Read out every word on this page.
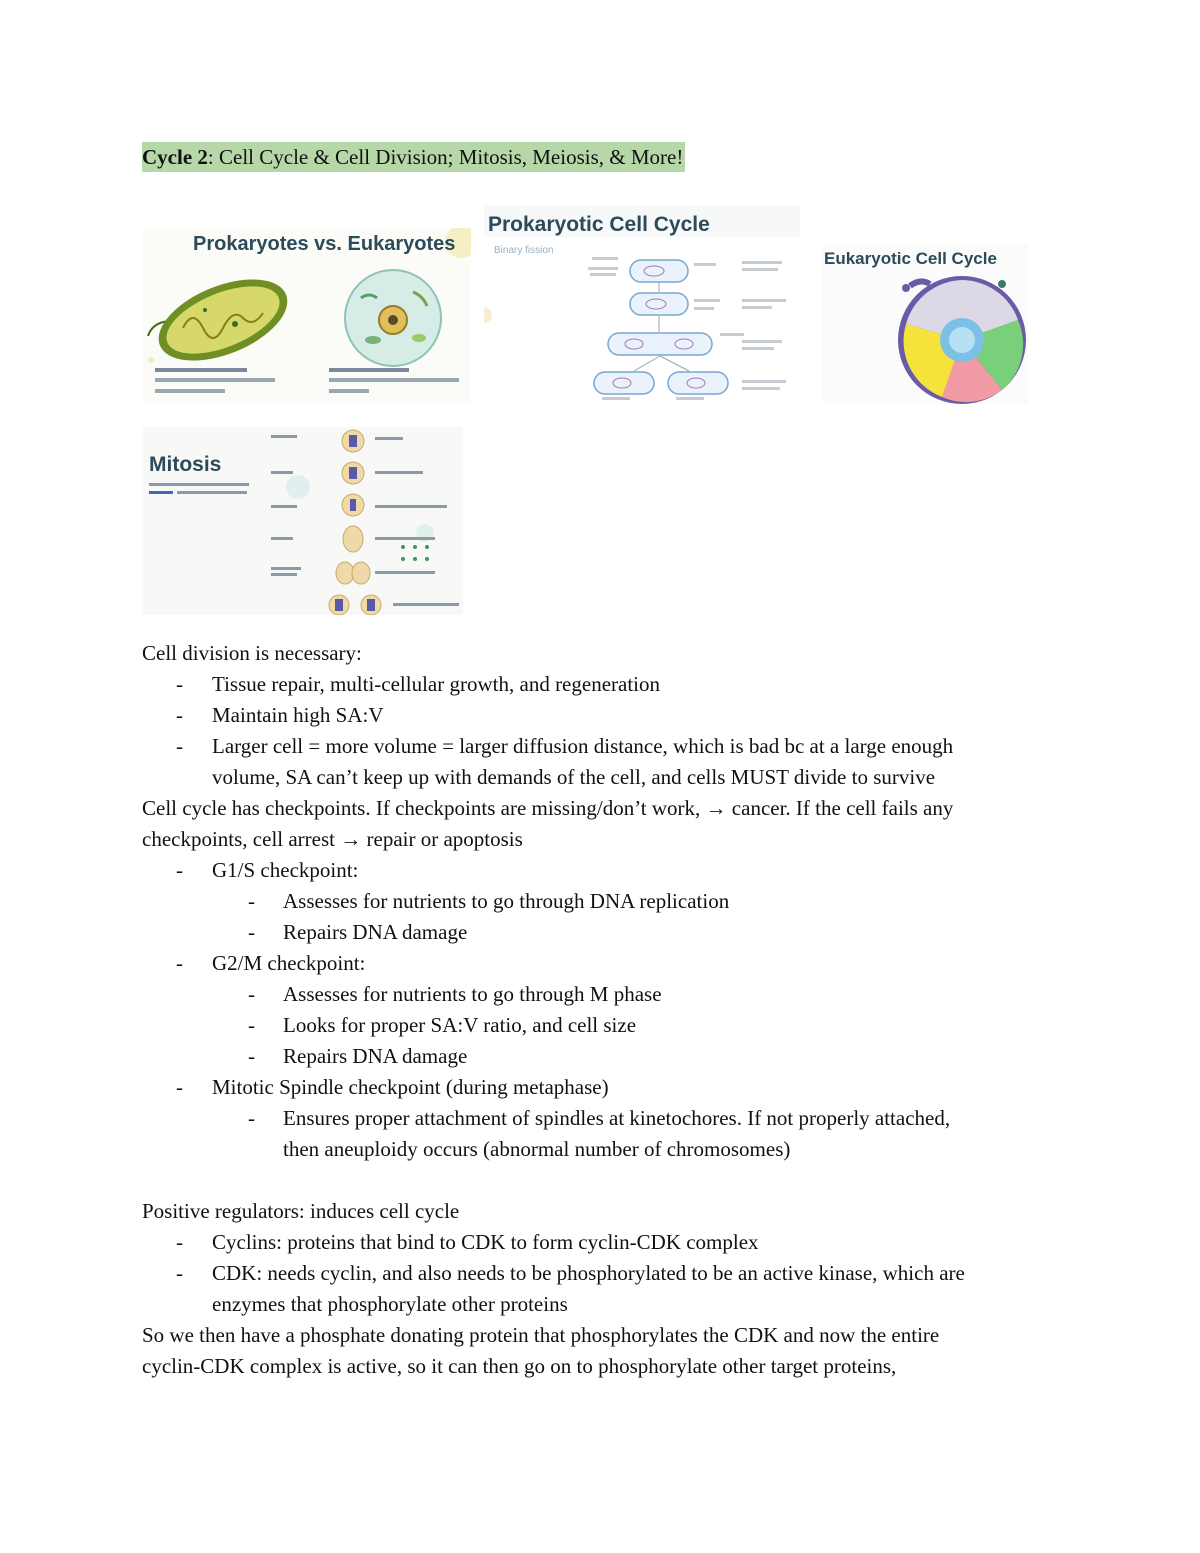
Cycle 2: Cell Cycle & Cell Division; Mitosis, Meiosis, & More!
Prokaryotes vs. Eukaryotes
Prokaryotic Cell Cycle
Binary fission	Eukaryotic Cell Cycle
Mitosis
Cell division is necessary:
-	Tissue repair, multi-cellular growth, and regeneration
-	Maintain high SA:V
-	Larger cell = more volume = larger diffusion distance, which is bad bc at a large enough
volume, SA can’t keep up with demands of the cell, and cells MUST divide to survive
Cell cycle has checkpoints. If checkpoints are missing/don’t work, → cancer. If the cell fails any
checkpoints, cell arrest → repair or apoptosis
-	G1/S checkpoint:
-	Assesses for nutrients to go through DNA replication
-	Repairs DNA damage
-	G2/M checkpoint:
-	Assesses for nutrients to go through M phase
-	Looks for proper SA:V ratio, and cell size
-	Repairs DNA damage
-	Mitotic Spindle checkpoint (during metaphase)
-	Ensures proper attachment of spindles at kinetochores. If not properly attached,
then aneuploidy occurs (abnormal number of chromosomes)
Positive regulators: induces cell cycle
-	Cyclins: proteins that bind to CDK to form cyclin-CDK complex
-	CDK: needs cyclin, and also needs to be phosphorylated to be an active kinase, which are
enzymes that phosphorylate other proteins
So we then have a phosphate donating protein that phosphorylates the CDK and now the entire
cyclin-CDK complex is active, so it can then go on to phosphorylate other target proteins,
